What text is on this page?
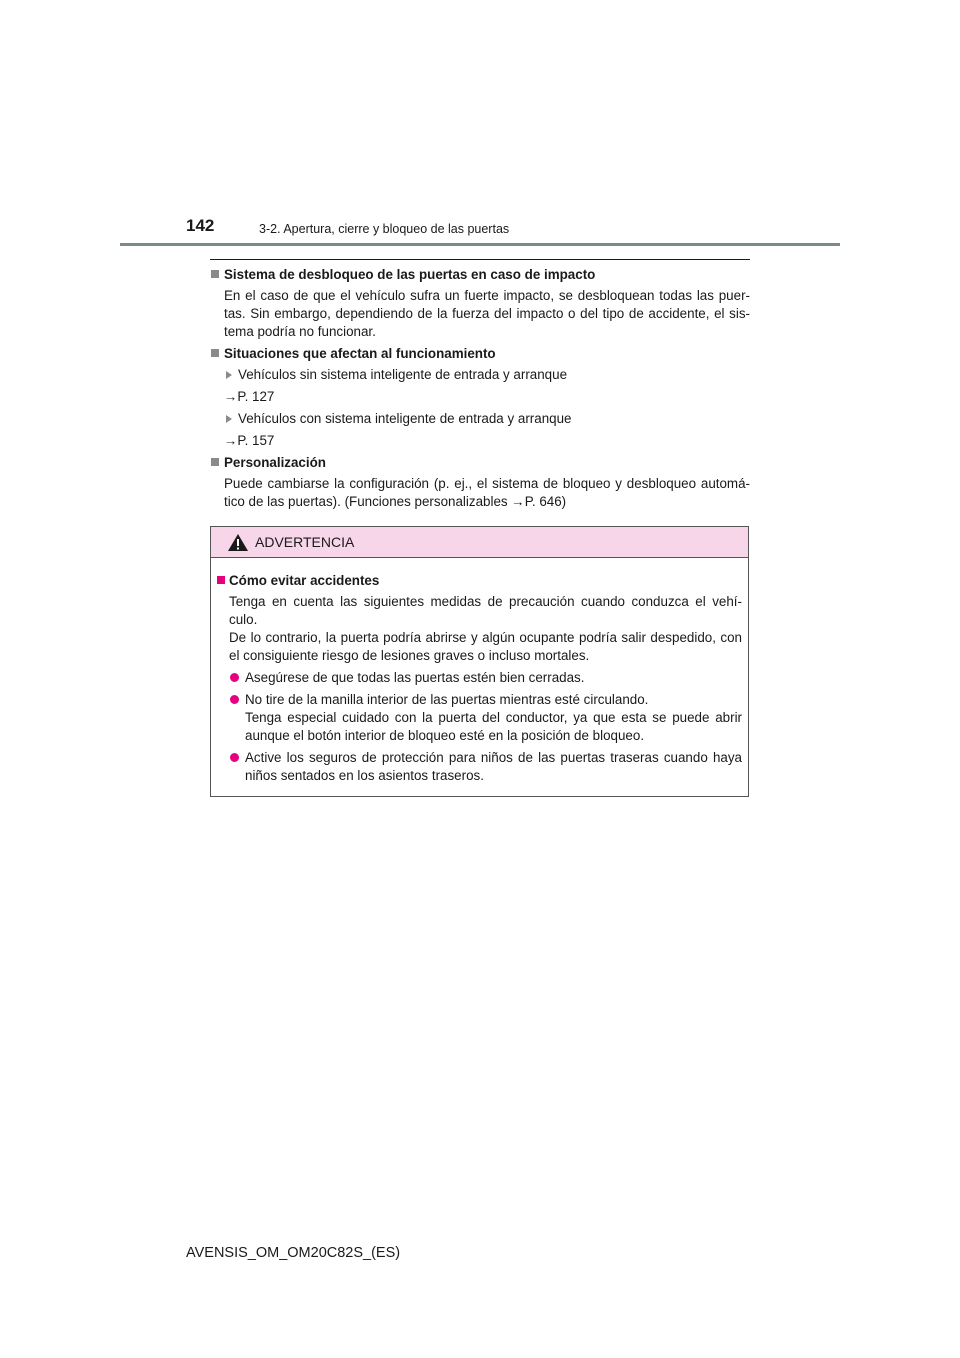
142	3-2. Apertura, cierre y bloqueo de las puertas
Sistema de desbloqueo de las puertas en caso de impacto
En el caso de que el vehículo sufra un fuerte impacto, se desbloquean todas las puer- tas. Sin embargo, dependiendo de la fuerza del impacto o del tipo de accidente, el sis- tema podría no funcionar.
Situaciones que afectan al funcionamiento
Vehículos sin sistema inteligente de entrada y arranque
→P. 127
Vehículos con sistema inteligente de entrada y arranque
→P. 157
Personalización
Puede cambiarse la configuración (p. ej., el sistema de bloqueo y desbloqueo automá- tico de las puertas). (Funciones personalizables →P. 646)
ADVERTENCIA
Cómo evitar accidentes
Tenga en cuenta las siguientes medidas de precaución cuando conduzca el vehí- culo.
De lo contrario, la puerta podría abrirse y algún ocupante podría salir despedido, con el consiguiente riesgo de lesiones graves o incluso mortales.
Asegúrese de que todas las puertas estén bien cerradas.
No tire de la manilla interior de las puertas mientras esté circulando.
Tenga especial cuidado con la puerta del conductor, ya que esta se puede abrir aunque el botón interior de bloqueo esté en la posición de bloqueo.
Active los seguros de protección para niños de las puertas traseras cuando haya niños sentados en los asientos traseros.
AVENSIS_OM_OM20C82S_(ES)
